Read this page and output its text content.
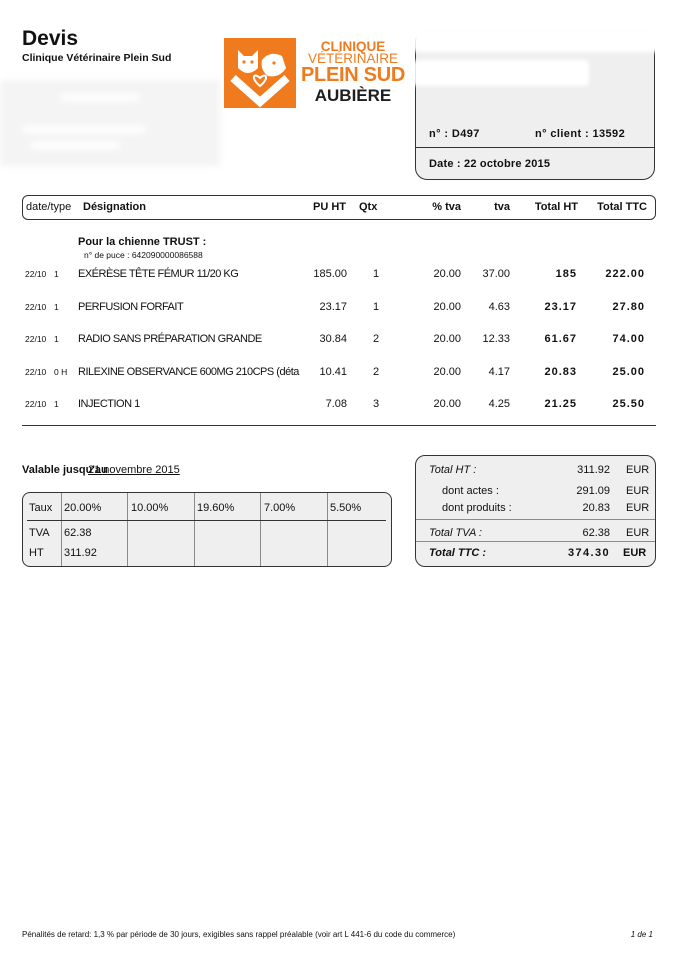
Devis
Clinique Vétérinaire Plein Sud
CLINIQUE
VÉTÉRINAIRE
PLEIN SUD
AUBIÈRE
n° : D497	n° client : 13592
Date : 22 octobre 2015
date/type Désignation	PU HT Qtx	% tva	tva Total HT Total TTC
Pour la chienne TRUST :
n° de puce : 642090000086588
22/10 1 EXÉRÈSE TÊTE FÉMUR 11/20 KG	185.00	1	20.00 37.00	185	222.00
22/10 1 PERFUSION FORFAIT	23.17	1	20.00	4.63	23.17	27.80
22/10 1 RADIO SANS PRÉPARATION GRANDE	30.84	2	20.00 12.33	61.67	74.00
22/10 0 H RILEXINE OBSERVANCE 600MG 210CPS (déta	10.41	2	20.00	4.17	20.83	25.00
22/10 1 INJECTION 1	7.08	3	20.00	4.25	21.25	25.50
Valable jusqu'au
21 novembre 2015
Taux 20.00%	10.00%	19.60%	7.00%	5.50%
TVA 62.38
HT 311.92
Total HT :	311.92 EUR
dont actes :	291.09 EUR
dont produits :	20.83 EUR
Total TVA :	62.38 EUR
Total TTC :	374.30 EUR
Pénalités de retard: 1,3 % par période de 30 jours, exigibles sans rappel préalable (voir art L 441-6 du code du commerce)	1 de 1
